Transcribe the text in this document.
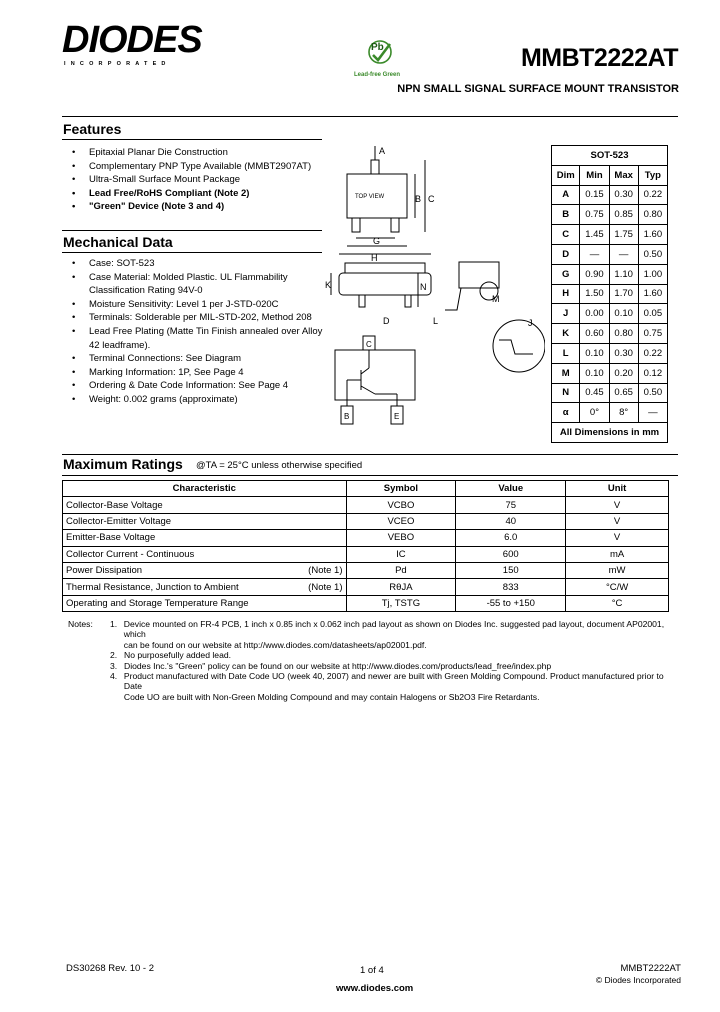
DIODES
INCORPORATED
Pb
Lead-free Green
MMBT2222AT
NPN SMALL SIGNAL SURFACE MOUNT TRANSISTOR
Features
• Epitaxial Planar Die Construction
• Complementary PNP Type Available (MMBT2907AT)
• Ultra-Small Surface Mount Package
• Lead Free/RoHS Compliant (Note 2)
• "Green" Device (Note 3 and 4)
Mechanical Data
• Case: SOT-523
• Case Material: Molded Plastic. UL Flammability Classification Rating 94V-0
• Moisture Sensitivity: Level 1 per J-STD-020C
• Terminals: Solderable per MIL-STD-202, Method 208
• Lead Free Plating (Matte Tin Finish annealed over Alloy 42 leadframe).
• Terminal Connections: See Diagram
• Marking Information: 1P, See Page 4
• Ordering & Date Code Information: See Page 4
• Weight: 0.002 grams (approximate)
A
B C
G
H
K	N
D	L
M
J
TOP VIEW
C
B	E
SOT-523			
Dim	Min	Max	Typ
A	0.15	0.30	0.22
B	0.75	0.85	0.80
C	1.45	1.75	1.60
D	—	—	0.50
G	0.90	1.10	1.00
H	1.50	1.70	1.60
J	0.00	0.10	0.05
K	0.60	0.80	0.75
L	0.10	0.30	0.22
M	0.10	0.20	0.12
N	0.45	0.65	0.50
α	0°	8°	—
All Dimensions in mm			
Maximum Ratings @TA = 25°C unless otherwise specified
Characteristic	Symbol	Value	Unit
Collector-Base Voltage	VCBO	75	V
Collector-Emitter Voltage	VCEO	40	V
Emitter-Base Voltage	VEBO	6.0	V
Collector Current - Continuous	IC	600	mA
Power Dissipation (Note 1)	Pd	150	mW
Thermal Resistance, Junction to Ambient (Note 1)	RθJA	833	°C/W
Operating and Storage Temperature Range	Tj, TSTG	-55 to +150	°C
Notes: 1. Device mounted on FR-4 PCB, 1 inch x 0.85 inch x 0.062 inch pad layout as shown on Diodes Inc. suggested pad layout, document AP02001, which
can be found on our website at http://www.diodes.com/datasheets/ap02001.pdf.
2. No purposefully added lead.
3. Diodes Inc.'s "Green" policy can be found on our website at http://www.diodes.com/products/lead_free/index.php
4. Product manufactured with Date Code UO (week 40, 2007) and newer are built with Green Molding Compound. Product manufactured prior to Date
Code UO are built with Non-Green Molding Compound and may contain Halogens or Sb2O3 Fire Retardants.
DS30268 Rev. 10 - 2	1 of 4	MMBT2222AT
© Diodes Incorporated
www.diodes.com
